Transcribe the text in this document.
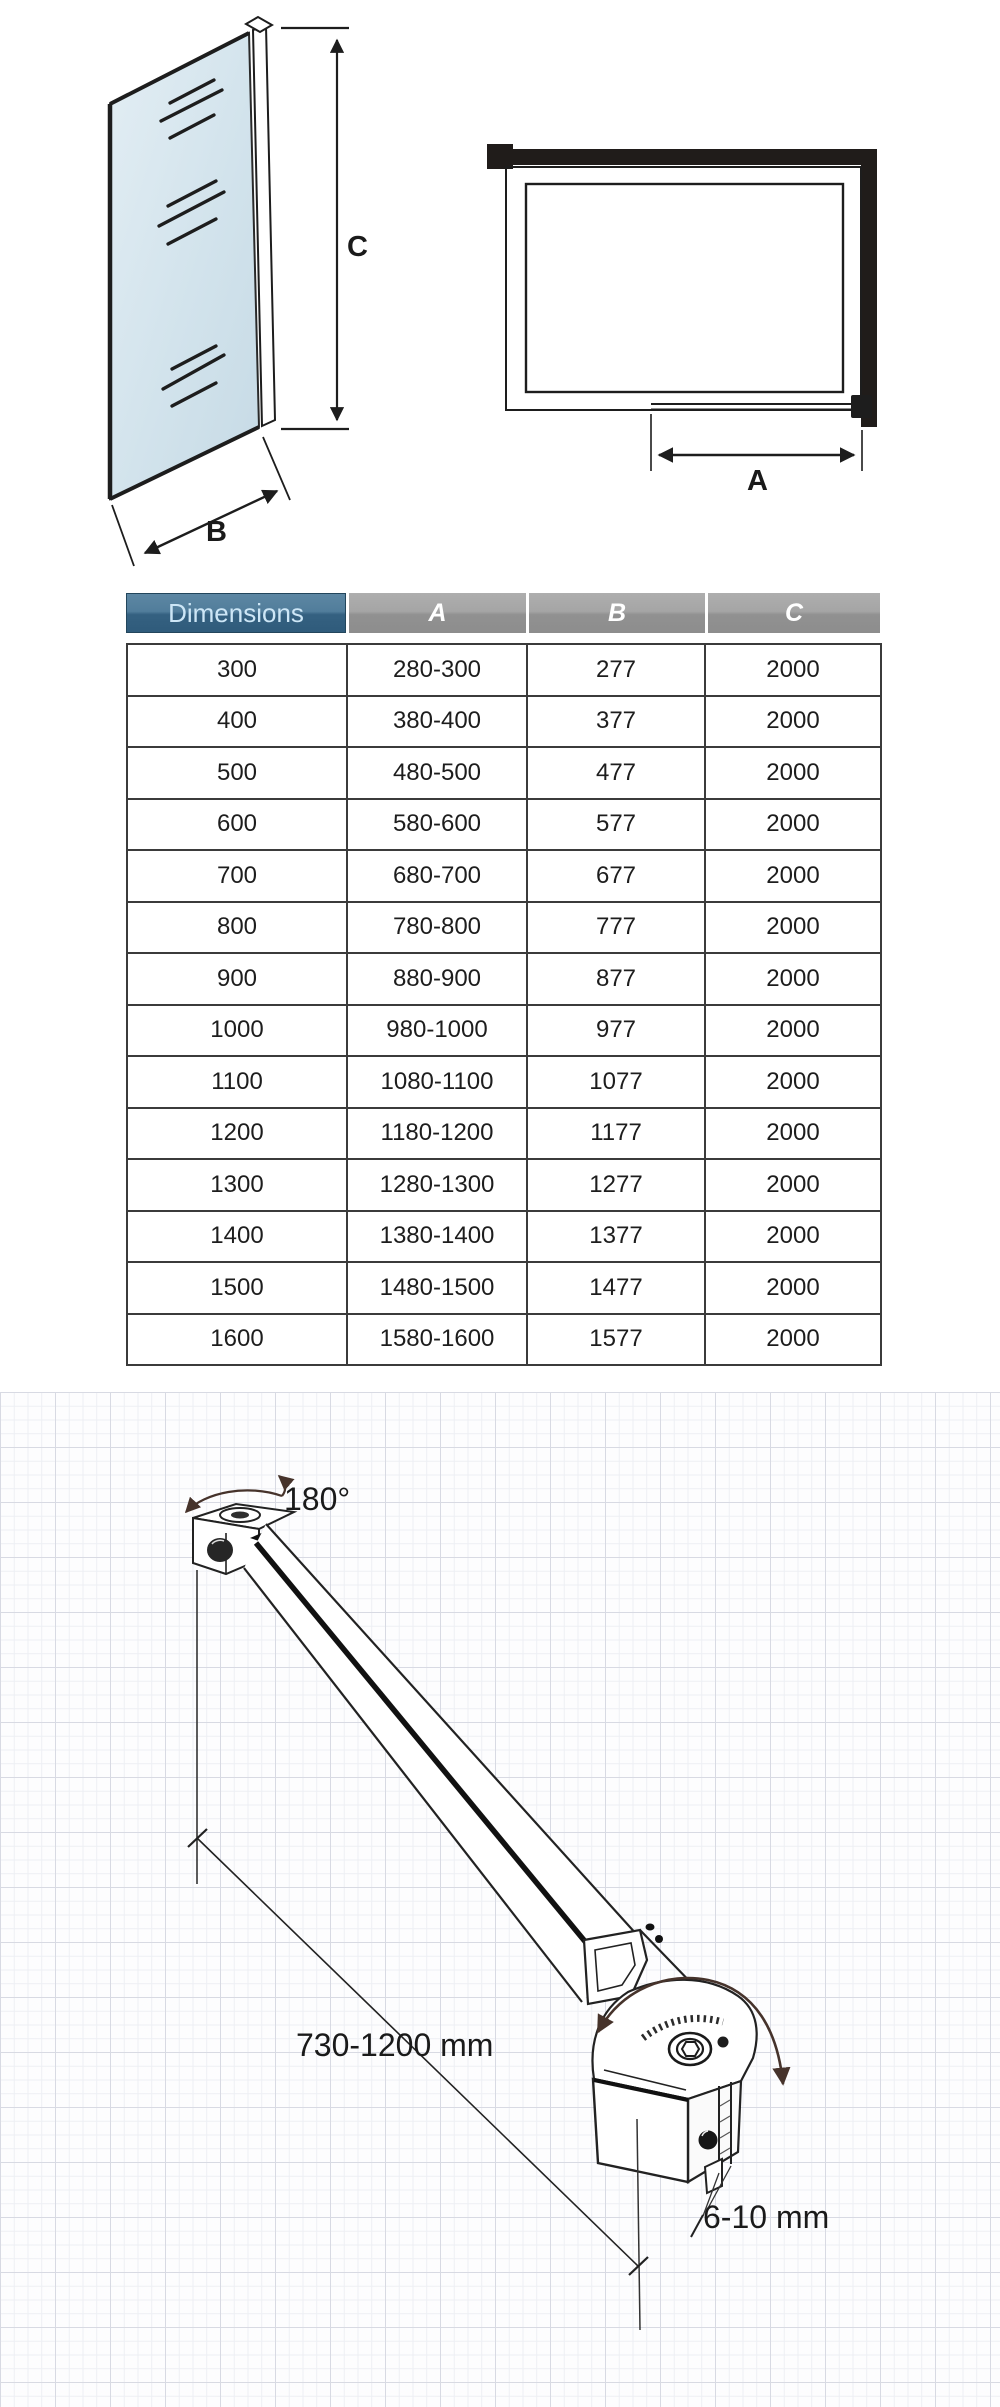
C
B
A
Dimensions	A	B	C
300	280-300	277	2000
400	380-400	377	2000
500	480-500	477	2000
600	580-600	577	2000
700	680-700	677	2000
800	780-800	777	2000
900	880-900	877	2000
1000	980-1000	977	2000
1100	1080-1100	1077	2000
1200	1180-1200	1177	2000
1300	1280-1300	1277	2000
1400	1380-1400	1377	2000
1500	1480-1500	1477	2000
1600	1580-1600	1577	2000
180°
730-1200 mm
6-10 mm
